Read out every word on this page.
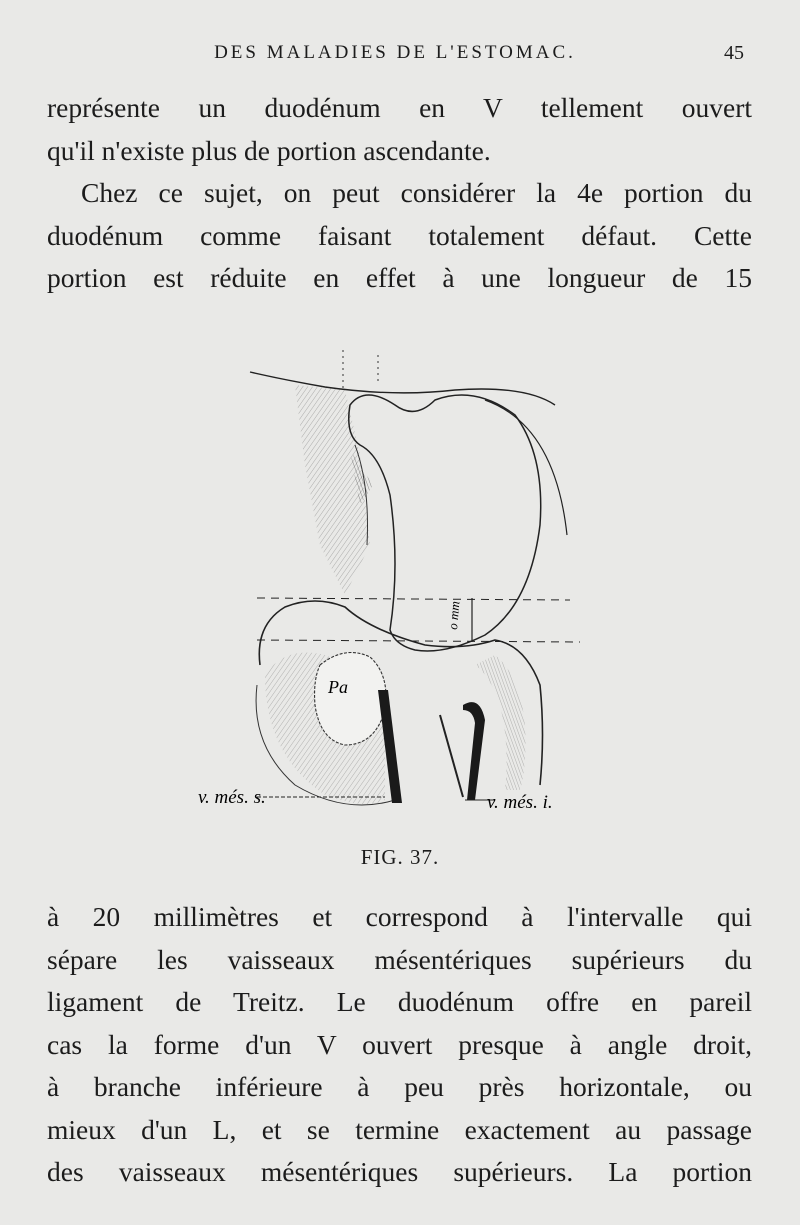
DES MALADIES DE L'ESTOMAC.	45
représente un duodénum en V tellement ouvert
qu'il n'existe plus de portion ascendante.
Chez ce sujet, on peut considérer la 4e portion du
duodénum comme faisant totalement défaut. Cette
portion est réduite en effet à une longueur de 15
o mm
Pa
v. més. s.	v. més. i.
FIG. 37.
à 20 millimètres et correspond à l'intervalle qui
sépare les vaisseaux mésentériques supérieurs du
ligament de Treitz. Le duodénum offre en pareil
cas la forme d'un V ouvert presque à angle droit,
à branche inférieure à peu près horizontale, ou
mieux d'un L, et se termine exactement au passage
des vaisseaux mésentériques supérieurs. La portion
